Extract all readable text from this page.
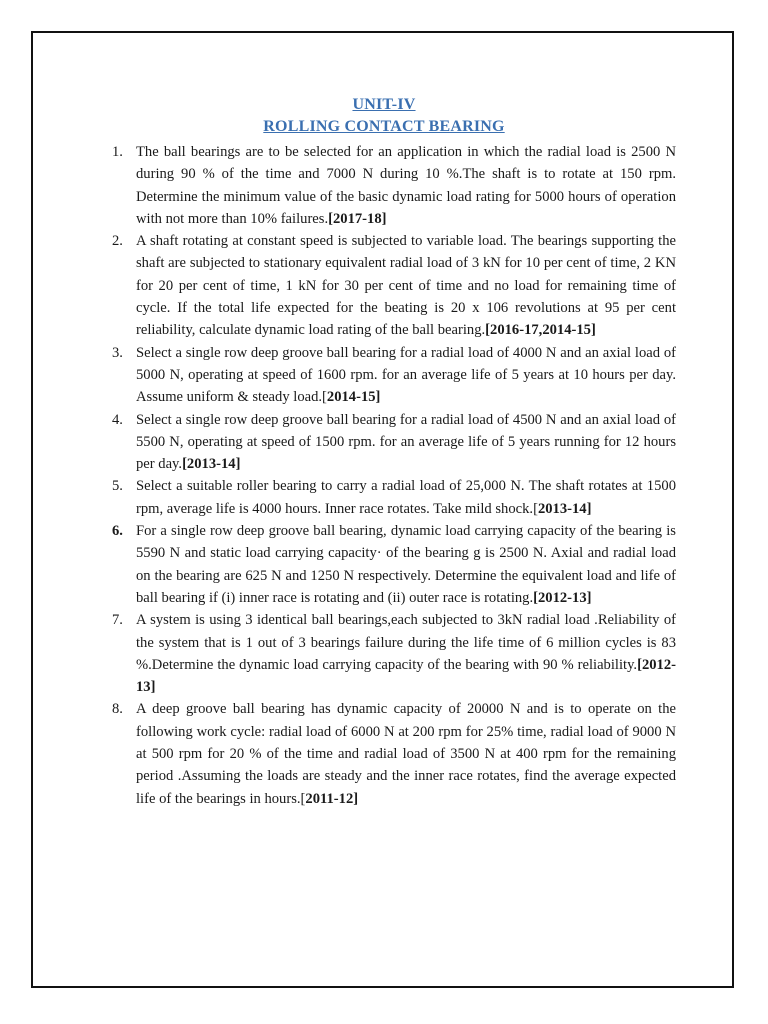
UNIT-IV
ROLLING CONTACT BEARING
1. The ball bearings are to be selected for an application in which the radial load is 2500 N during 90 % of the time and 7000 N during 10 %.The shaft is to rotate at 150 rpm. Determine the minimum value of the basic dynamic load rating for 5000 hours of operation with not more than 10% failures.[2017-18]
2. A shaft rotating at constant speed is subjected to variable load. The bearings supporting the shaft are subjected to stationary equivalent radial load of 3 kN for 10 per cent of time, 2 KN for 20 per cent of time, 1 kN for 30 per cent of time and no load for remaining time of cycle. If the total life expected for the beating is 20 x 106 revolutions at 95 per cent reliability, calculate dynamic load rating of the ball bearing.[2016-17,2014-15]
3. Select a single row deep groove ball bearing for a radial load of 4000 N and an axial load of 5000 N, operating at speed of 1600 rpm. for an average life of 5 years at 10 hours per day. Assume uniform & steady load.[2014-15]
4. Select a single row deep groove ball bearing for a radial load of 4500 N and an axial load of 5500 N, operating at speed of 1500 rpm. for an average life of 5 years running for 12 hours per day.[2013-14]
5. Select a suitable roller bearing to carry a radial load of 25,000 N. The shaft rotates at 1500 rpm, average life is 4000 hours. Inner race rotates. Take mild shock.[2013-14]
6. For a single row deep groove ball bearing, dynamic load carrying capacity of the bearing is 5590 N and static load carrying capacity· of the bearing g is 2500 N. Axial and radial load on the bearing are 625 N and 1250 N respectively. Determine the equivalent load and life of ball bearing if (i) inner race is rotating and (ii) outer race is rotating.[2012-13]
7. A system is using 3 identical ball bearings,each subjected to 3kN radial load .Reliability of the system that is 1 out of 3 bearings failure during the life time of 6 million cycles is 83 %.Determine the dynamic load carrying capacity of the bearing with 90 % reliability.[2012-13]
8. A deep groove ball bearing has dynamic capacity of 20000 N and is to operate on the following work cycle: radial load of 6000 N at 200 rpm for 25% time, radial load of 9000 N at 500 rpm for 20 % of the time and radial load of 3500 N at 400 rpm for the remaining period .Assuming the loads are steady and the inner race rotates, find the average expected life of the bearings in hours.[2011-12]
